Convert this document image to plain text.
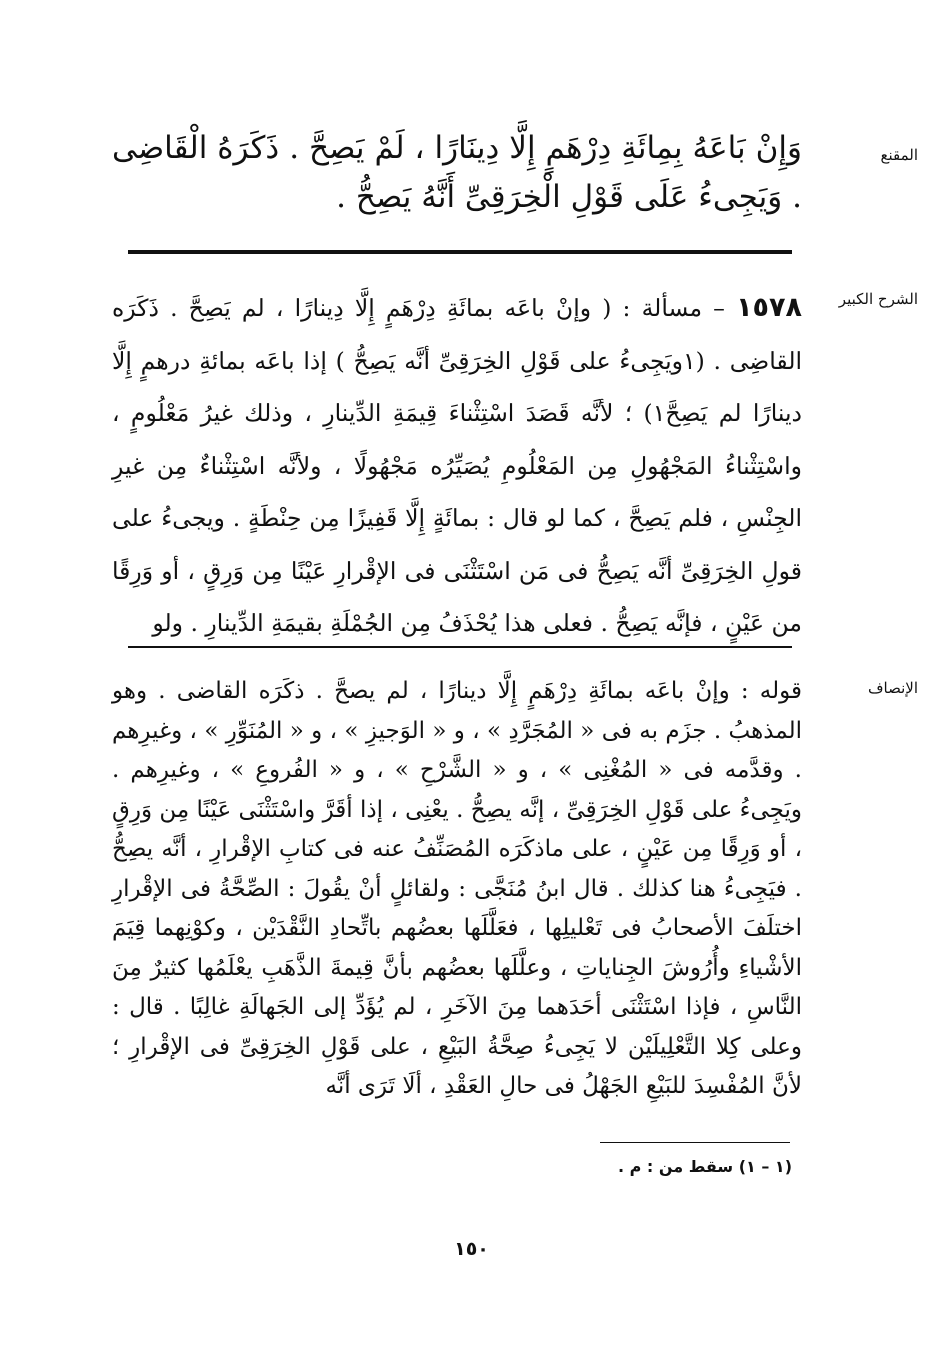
المقنع

وَإِنْ بَاعَهُ بِمِائَةِ دِرْهَمٍ إِلَّا دِينَارًا ، لَمْ يَصِحَّ . ذَكَرَهُ الْقَاضِى . وَيَجِىءُ عَلَى قَوْلِ الْخِرَقِىِّ أَنَّهُ يَصِحُّ .

الشرح الكبير

١٥٧٨ – مسألة : ( وإنْ باعَه بمائَةِ دِرْهَمٍ إِلَّا دِينارًا ، لم يَصِحَّ . ذَكَرَه القاضِى . (١ويَجِىءُ على قَوْلِ الخِرَقِىِّ أنَّه يَصِحُّ ) إذا باعَه بمائةِ درهمٍ إِلَّا دينارًا لم يَصِحَّ١) ؛ لأنَّه قَصَدَ اسْتِثْناءَ قِيمَةِ الدِّينارِ ، وذلك غيرُ مَعْلُومٍ ، واسْتِثْناءُ المَجْهُولِ مِن المَعْلُومِ يُصَيِّرُه مَجْهُولًا ، ولأنَّه اسْتِثْناءٌ مِن غيرِ الجِنْسِ ، فلم يَصِحَّ ، كما لو قال : بمائَةٍ إِلَّا قَفِيزًا مِن حِنْطَةٍ . ويجىءُ على قولِ الخِرَقِىِّ أنَّه يَصِحُّ فى مَن اسْتَثْنَى فى الإقْرارِ عَيْنًا مِن وَرِقٍ ، أو وَرِقًا من عَيْنٍ ، فإنَّه يَصِحُّ . فعلى هذا يُحْذَفُ مِن الجُمْلَةِ بقيمَةِ الدِّينارِ . ولو

الإنصاف

قوله : وإنْ باعَه بمائَةِ دِرْهَمٍ إِلَّا دينارًا ، لم يصحَّ . ذكَرَه القاضى . وهو المذهبُ . جزَم به فى « المُجَرَّدِ » ، و « الوَجيزِ » ، و « المُنَوِّرِ » ، وغيرِهم . وقدَّمه فى « المُغْنِى » ، و « الشَّرْحِ » ، و « الفُروعِ » ، وغيرِهم . ويَجِىءُ على قَوْلِ الخِرَقِىِّ ، إنَّه يصِحُّ . يعْنِى ، إذا أقَرَّ واسْتَثْنَى عَيْنًا مِن وَرِقٍ ، أو وَرِقًا مِن عَيْنٍ ، على ماذكَرَه المُصَنِّفُ عنه فى كتابِ الإقْرارِ ، أنَّه يصِحُّ . فيَجِىءُ هنا كذلك . قال ابنُ مُنَجَّى : ولقائلٍ أنْ يقُولَ : الصِّحَّةُ فى الإقْرارِ اختلَفَ الأصحابُ فى تَعْليلِها ، فعَلَّلَها بعضُهم باتِّحادِ النَّقْدَيْن ، وكوْنِهما قِيَمَ الأشْياءِ وأُرُوشَ الجِناياتِ ، وعلَّلَها بعضُهم بأنَّ قِيمةَ الذَّهَبِ يعْلَمُها كثيرٌ مِنَ النَّاسِ ، فإذا اسْتَثْنَى أحَدَهما مِنَ الآخَرِ ، لم يُؤَدِّ إلى الجَهالَةِ غالِبًا . قال : وعلى كِلا التَّعْلِيلَيْن لا يَجِىءُ صِحَّةُ البَيْعِ ، على قَوْلِ الخِرَقِىِّ فى الإقْرارِ ؛ لأنَّ المُفْسِدَ للبَيْعِ الجَهْلُ فى حالِ العَقْدِ ، ألَا تَرَى أنَّه

(١ – ١) سقط من : م .
١٥٠
